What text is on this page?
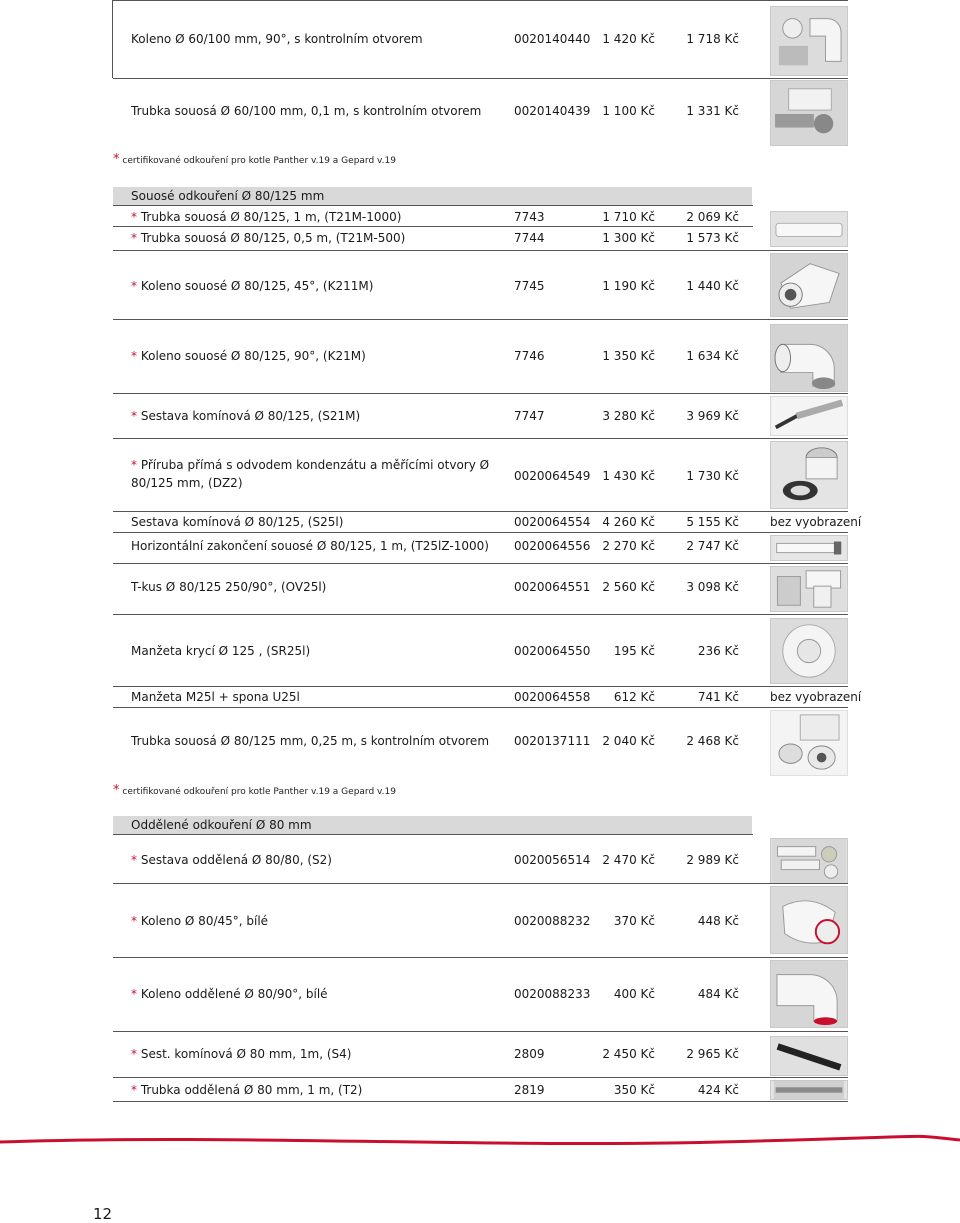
Koleno Ø 60/100 mm, 90°, s kontrolním otvorem	0020140440 1 420 Kč	1 718 Kč
Trubka souosá Ø 60/100 mm, 0,1 m, s kontrolním otvorem	0020140439 1 100 Kč	1 331 Kč
* certifikované odkouření pro kotle Panther v.19 a Gepard v.19
Souosé odkouření Ø 80/125 mm
* Trubka souosá Ø 80/125, 1 m, (T21M-1000)	7743	1 710 Kč	2 069 Kč
* Trubka souosá Ø 80/125, 0,5 m, (T21M-500)	7744	1 300 Kč	1 573 Kč
* Koleno souosé Ø 80/125, 45°, (K211M)	7745	1 190 Kč	1 440 Kč
* Koleno souosé Ø 80/125, 90°, (K21M)	7746	1 350 Kč	1 634 Kč
* Sestava komínová Ø 80/125, (S21M)	7747	3 280 Kč	3 969 Kč
* Příruba přímá s odvodem kondenzátu a měřícími otvory Ø
80/125 mm, (DZ2)	0020064549 1 430 Kč	1 730 Kč
Sestava komínová Ø 80/125, (S25l)	0020064554 4 260 Kč	5 155 Kč	bez vyobrazení
Horizontální zakončení souosé Ø 80/125, 1 m, (T25lZ-1000) 0020064556 2 270 Kč	2 747 Kč
T-kus Ø 80/125 250/90°, (OV25l)	0020064551 2 560 Kč	3 098 Kč
Manžeta krycí Ø 125 , (SR25l)	0020064550 195 Kč	236 Kč
Manžeta M25l + spona U25l	0020064558 612 Kč	741 Kč	bez vyobrazení
Trubka souosá Ø 80/125 mm, 0,25 m, s kontrolním otvorem 0020137111 2 040 Kč	2 468 Kč
* certifikované odkouření pro kotle Panther v.19 a Gepard v.19
Oddělené odkouření Ø 80 mm
* Sestava oddělená Ø 80/80, (S2)	0020056514 2 470 Kč	2 989 Kč
* Koleno Ø 80/45°, bílé	0020088232 370 Kč	448 Kč
* Koleno oddělené Ø 80/90°, bílé	0020088233 400 Kč	484 Kč
* Sest. komínová Ø 80 mm, 1m, (S4)	2809	2 450 Kč	2 965 Kč
* Trubka oddělená Ø 80 mm, 1 m, (T2)	2819	350 Kč	424 Kč
12
